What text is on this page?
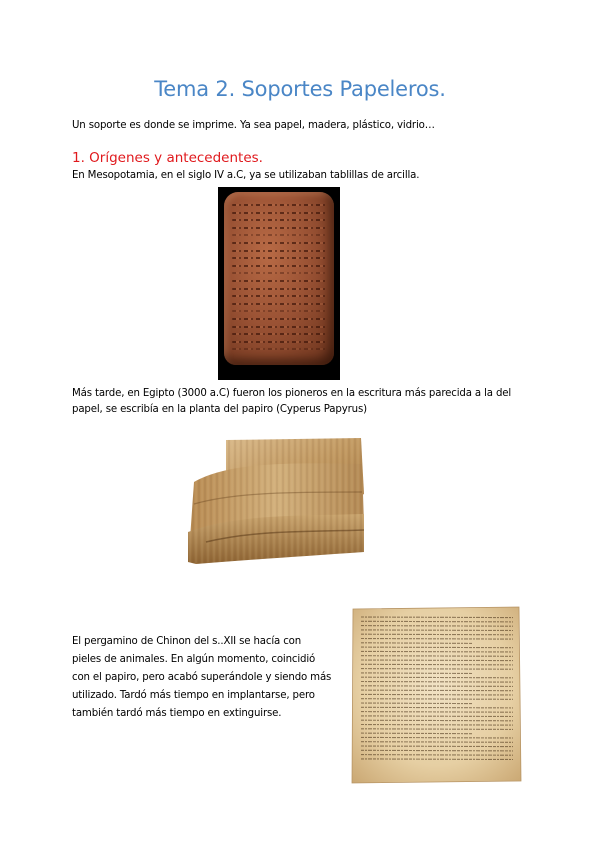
Tema 2. Soportes Papeleros.

Un soporte es donde se imprime. Ya sea papel, madera, plástico, vidrio…

1. Orígenes y antecedentes.

En Mesopotamia, en el siglo IV a.C, ya se utilizaban tablillas de arcilla.

Más tarde, en Egipto (3000 a.C) fueron los pioneros en la escritura más parecida a la del

papel, se escribía en la planta del papiro (Cyperus Papyrus)

El pergamino de Chinon del s..XII se hacía con

pieles de animales. En algún momento, coincidió

con el papiro, pero acabó superándole y siendo más

utilizado. Tardó más tiempo en implantarse, pero

también tardó más tiempo en extinguirse.
